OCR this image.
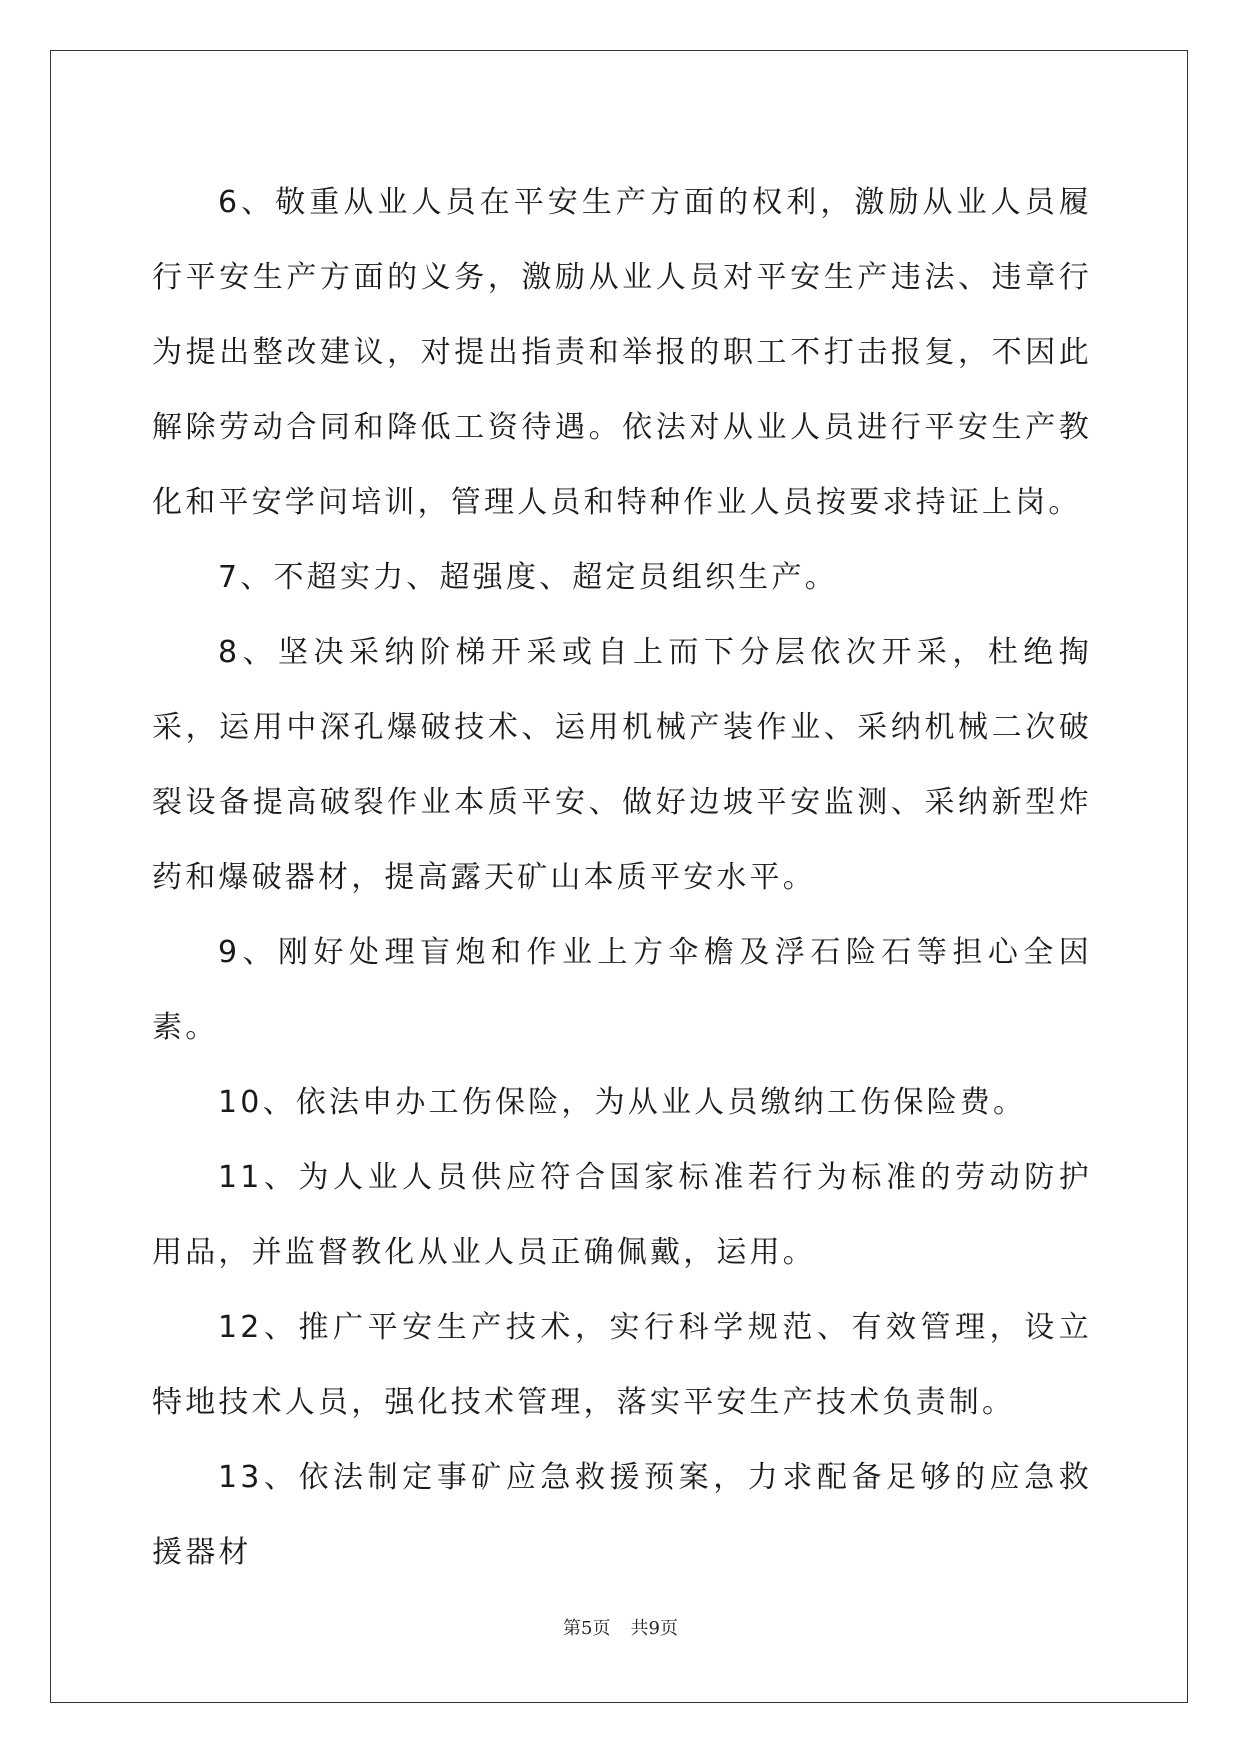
6、敬重从业人员在平安生产方面的权利，激励从业人员履行平安生产方面的义务，激励从业人员对平安生产违法、违章行为提出整改建议，对提出指责和举报的职工不打击报复，不因此解除劳动合同和降低工资待遇。依法对从业人员进行平安生产教化和平安学问培训，管理人员和特种作业人员按要求持证上岗。

7、不超实力、超强度、超定员组织生产。

8、坚决采纳阶梯开采或自上而下分层依次开采，杜绝掏采，运用中深孔爆破技术、运用机械产装作业、采纳机械二次破裂设备提高破裂作业本质平安、做好边坡平安监测、采纳新型炸药和爆破器材，提高露天矿山本质平安水平。

9、刚好处理盲炮和作业上方伞檐及浮石险石等担心全因素。

10、依法申办工伤保险，为从业人员缴纳工伤保险费。

11、为人业人员供应符合国家标准若行为标准的劳动防护用品，并监督教化从业人员正确佩戴，运用。

12、推广平安生产技术，实行科学规范、有效管理，设立特地技术人员，强化技术管理，落实平安生产技术负责制。

13、依法制定事矿应急救援预案，力求配备足够的应急救援器材

第5页 共9页
